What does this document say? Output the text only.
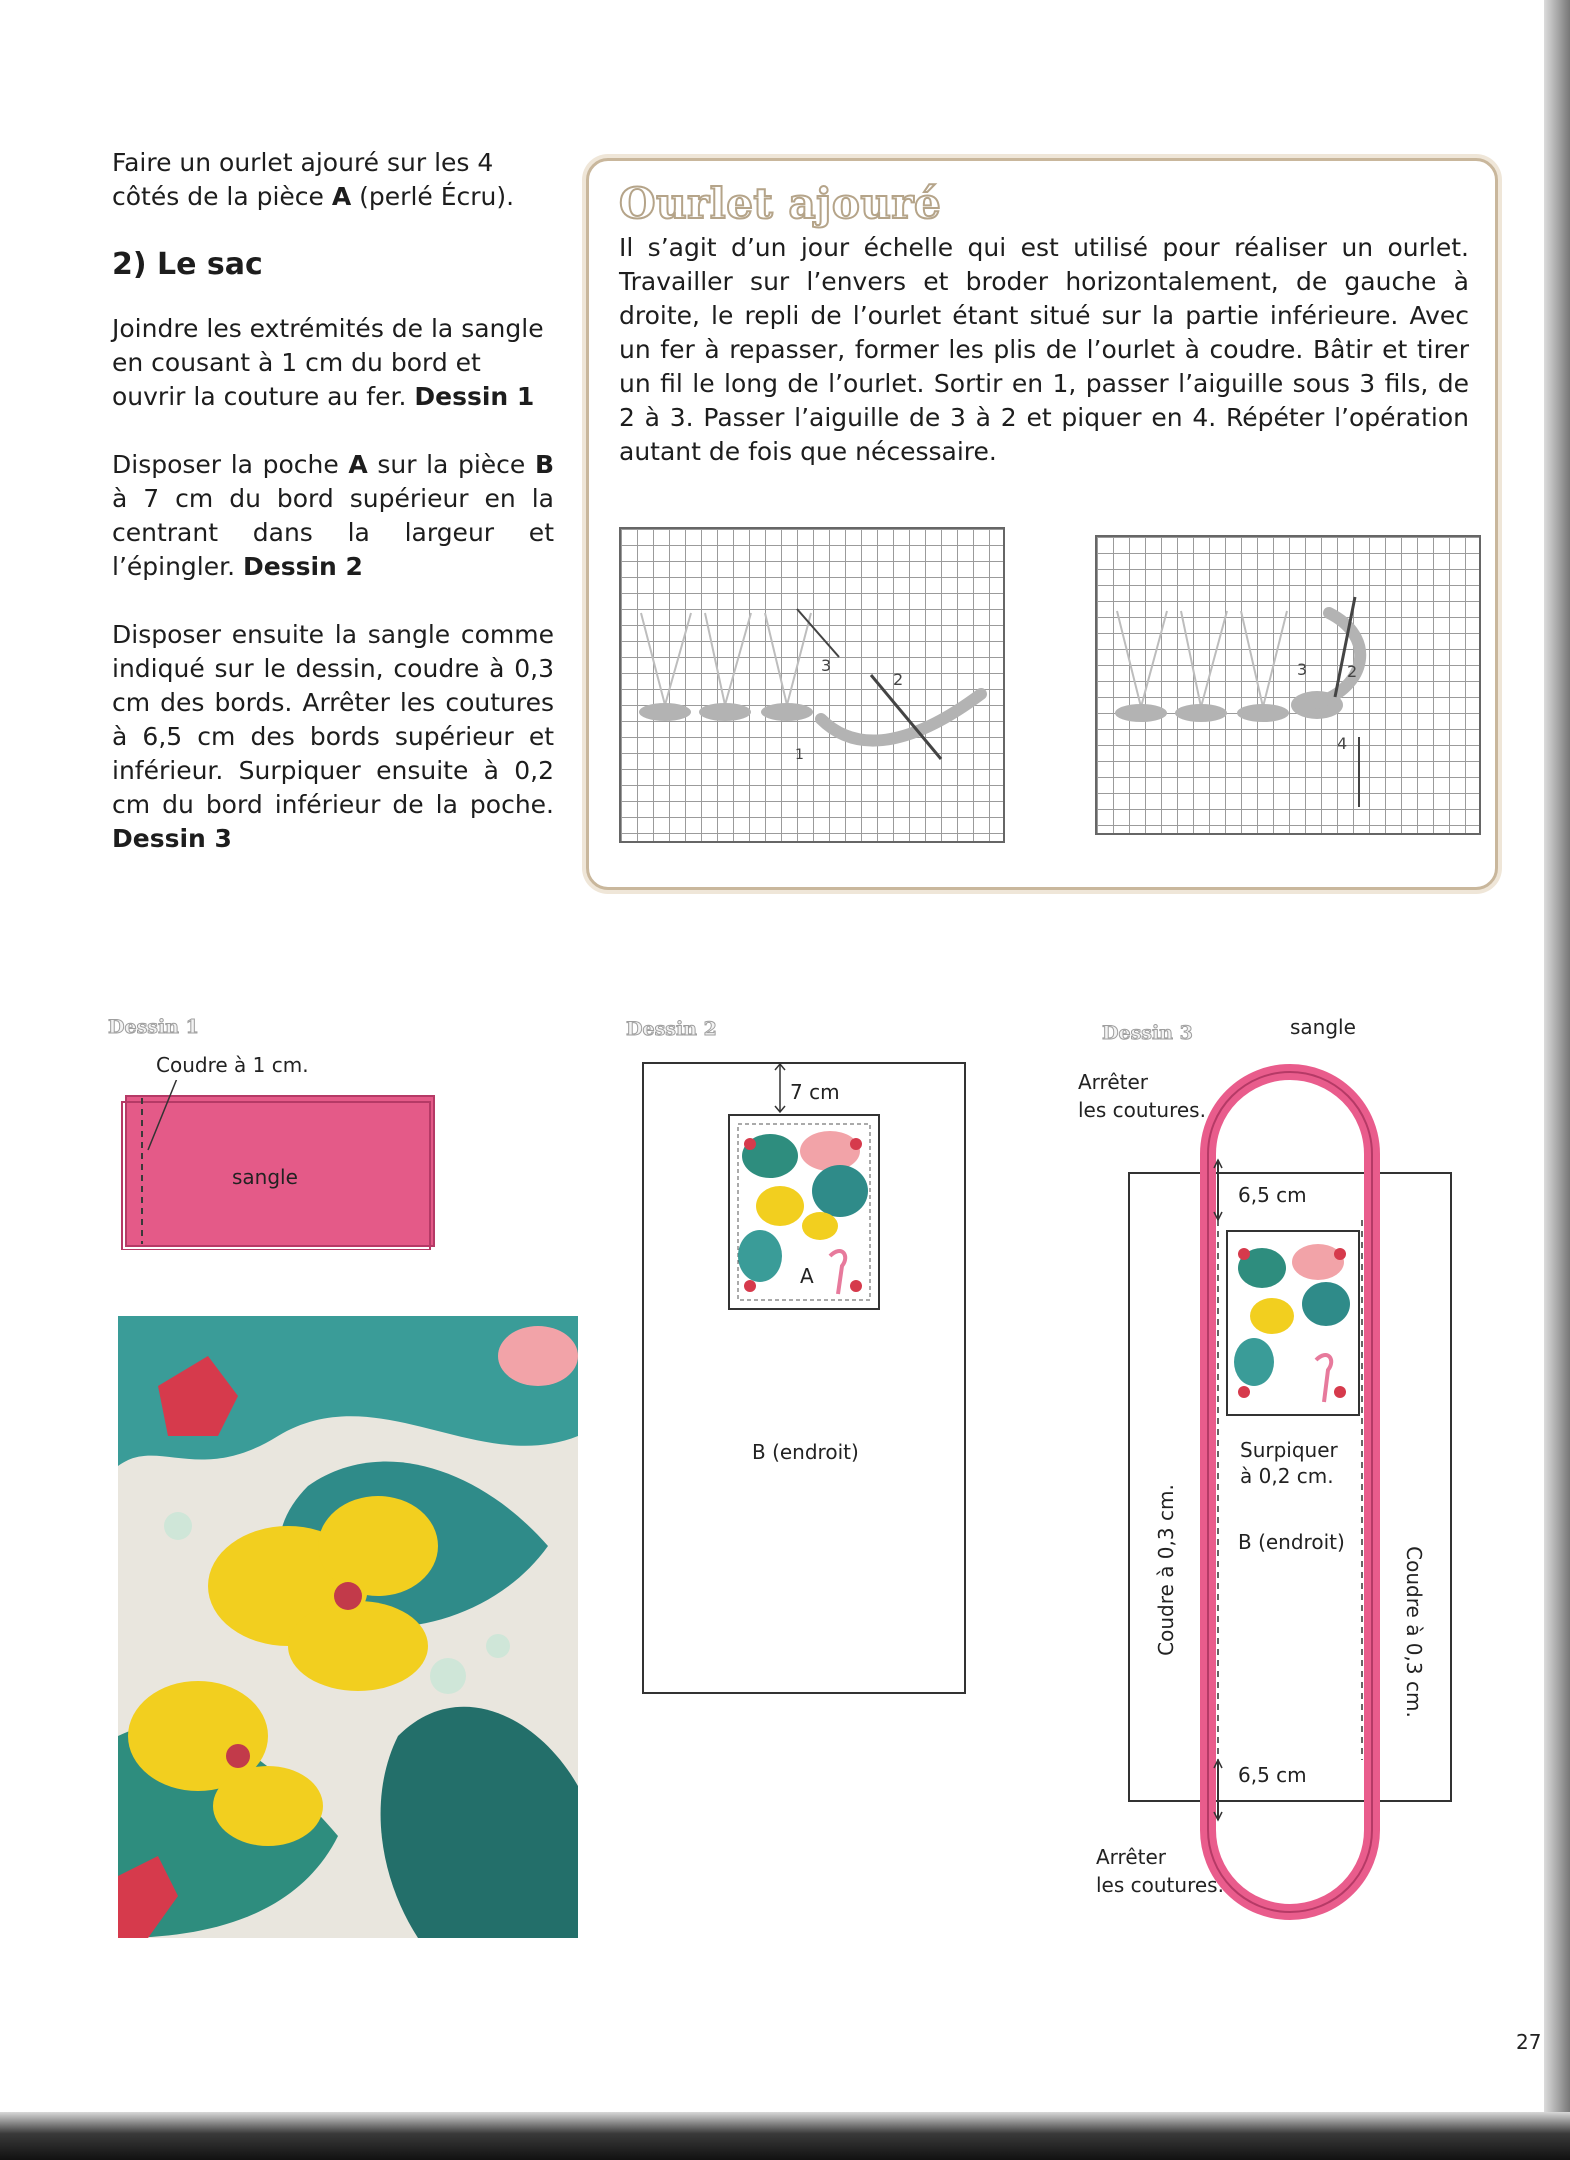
Faire un ourlet ajouré sur les 4 côtés de la pièce A (perlé Écru).

2) Le sac

Joindre les extrémités de la sangle en cousant à 1 cm du bord et ouvrir la couture au fer. Dessin 1

Disposer la poche A sur la pièce B à 7 cm du bord supérieur en la centrant dans la largeur et l’épingler. Dessin 2

Disposer ensuite la sangle comme indiqué sur le dessin, coudre à 0,3 cm des bords. Arrêter les coutures à 6,5 cm des bords supérieur et inférieur. Surpiquer ensuite à 0,2 cm du bord inférieur de la poche. Dessin 3

Ourlet ajouré
Il s’agit d’un jour échelle qui est utilisé pour réaliser un ourlet. Travailler sur l’envers et broder horizontalement, de gauche à droite, le repli de l’ourlet étant situé sur la partie inférieure. Avec un fer à repasser, former les plis de l’ourlet à coudre. Bâtir et tirer un fil le long de l’ourlet. Sortir en 1, passer l’aiguille sous 3 fils, de 2 à 3. Passer l’aiguille de 3 à 2 et piquer en 4. Répéter l’opération autant de fois que nécessaire.
3
2
1
3 2
4
Dessin 1
Coudre à 1 cm.
sangle
Dessin 2
7 cm
A
B (endroit)
Dessin 3	sangle
Arrêter
les coutures.
6,5 cm
Surpiquer
à 0,2 cm.
B (endroit)
Coudre à 0,3 cm.	Coudre à 0,3 cm.
6,5 cm
Arrêter
les coutures.
27
